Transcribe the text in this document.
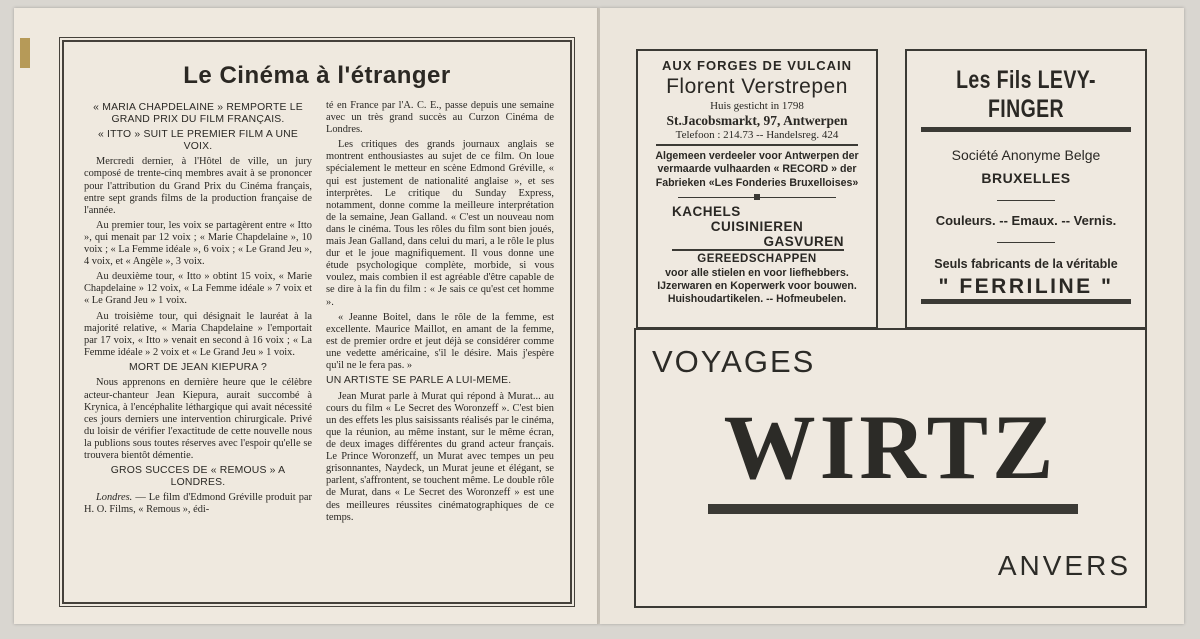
Le Cinéma à l'étranger
« MARIA CHAPDELAINE » REMPORTE LE GRAND PRIX DU FILM FRANÇAIS.
« ITTO » SUIT LE PREMIER FILM A UNE VOIX.

Mercredi dernier, à l'Hôtel de ville, un jury composé de trente-cinq membres avait à se prononcer pour l'attribution du Grand Prix du Cinéma français, entre sept grands films de la production française de l'année.

Au premier tour, les voix se partagèrent entre « Itto », qui menait par 12 voix ; « Marie Chapdelaine », 10 voix ; « La Femme idéale », 6 voix ; « Le Grand Jeu », 4 voix, et « Angèle », 3 voix.

Au deuxième tour, « Itto » obtint 15 voix, « Marie Chapdelaine » 12 voix, « La Femme idéale » 7 voix et « Le Grand Jeu » 1 voix.

Au troisième tour, qui désignait le lauréat à la majorité relative, « Maria Chapdelaine » l'emportait par 17 voix, « Itto » venait en second à 16 voix ; « La Femme idéale » 2 voix et « Le Grand Jeu » 1 voix.

MORT DE JEAN KIEPURA ?

Nous apprenons en dernière heure que le célèbre acteur-chanteur Jean Kiepura, aurait succombé à Krynica, à l'encéphalite léthargique qui avait nécessité ces jours derniers une intervention chirurgicale. Privé du loisir de vérifier l'exactitude de cette nouvelle nous la publions sous toutes réserves avec l'espoir qu'elle se trouvera bientôt démentie.

GROS SUCCES DE « REMOUS » A LONDRES.

Londres. — Le film d'Edmond Gréville produit par H. O. Films, « Remous », édi-

té en France par l'A. C. E., passe depuis une semaine avec un très grand succès au Curzon Cinéma de Londres.

Les critiques des grands journaux anglais se montrent enthousiastes au sujet de ce film. On loue spécialement le metteur en scène Edmond Gréville, « qui est justement de nationalité anglaise », et ses interprètes. Le critique du Sunday Express, notamment, donne comme la meilleure interprétation de la semaine, Jean Galland. « C'est un nouveau nom dans le cinéma. Tous les rôles du film sont bien joués, mais Jean Galland, dans celui du mari, a le rôle le plus dur et le joue magnifiquement. Il vous donne une étude psychologique complète, morbide, si vous voulez, mais combien il est agréable d'être capable de se dire à la fin du film : « Je sais ce qu'est cet homme ».

« Jeanne Boitel, dans le rôle de la femme, est excellente. Maurice Maillot, en amant de la femme, est de premier ordre et jeut déjà se considérer comme une vedette américaine, s'il le désire. Mais j'espère qu'il ne le fera pas. »

UN ARTISTE SE PARLE A LUI-MEME.

Jean Murat parle à Murat qui répond à Murat... au cours du film « Le Secret des Woronzeff ». C'est bien un des effets les plus saisissants réalisés par le cinéma, que la réunion, au même instant, sur le même écran, de deux images différentes du grand acteur français. Le Prince Woronzeff, un Murat avec tempes un peu grisonnantes, Naydeck, un Murat jeune et élégant, se parlent, s'affrontent, se touchent même. Le double rôle de Murat, dans « Le Secret des Woronzeff » est une des meilleures réussites cinématographiques de ce temps.

AUX FORGES DE VULCAIN
Florent Verstrepen
Huis gesticht in 1798
St.Jacobsmarkt, 97, Antwerpen
Telefoon : 214.73 -- Handelsreg. 424
Algemeen verdeeler voor Antwerpen der
vermaarde vulhaarden « RECORD » der
Fabrieken «Les Fonderies Bruxelloises»
KACHELS
CUISINIEREN
GASVUREN
GEREEDSCHAPPEN
voor alle stielen en voor liefhebbers.
IJzerwaren en Koperwerk voor bouwen.
Huishoudartikelen. -- Hofmeubelen.
Les Fils LEVY-FINGER
Société Anonyme Belge
BRUXELLES
Couleurs. -- Emaux. -- Vernis.
Seuls fabricants de la véritable
" FERRILINE "
VOYAGES
WIRTZ
ANVERS
